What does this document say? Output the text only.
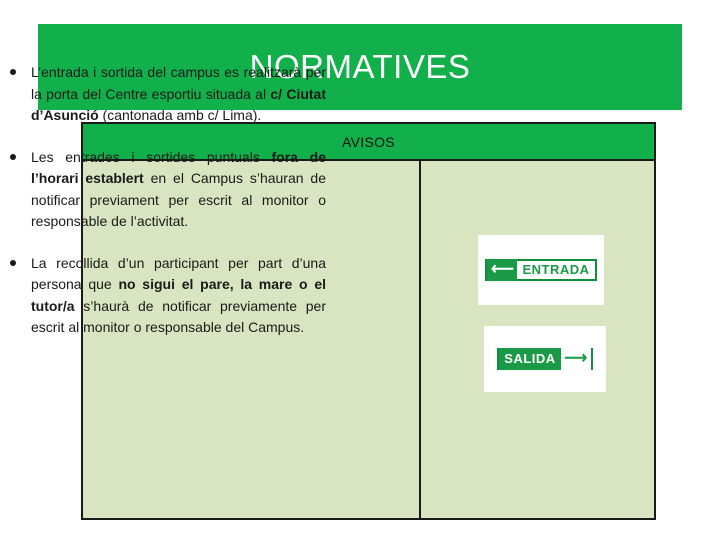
NORMATIVES
AVISOS
L’entrada i sortida del campus es realitzarà per la porta del Centre esportiu situada al c/ Ciutat d’Asunció (cantonada amb c/ Lima).
Les entrades i sortides puntuals fora de l’horari establert en el Campus s’hauran de notificar previament per escrit al monitor o responsable de l’activitat.
La recollida d’un participant per part d’una persona que no sigui el pare, la mare o el tutor/a s’haurà de notificar previamente per escrit al monitor o responsable del Campus.
⟵ ENTRADA
SALIDA ⟶
